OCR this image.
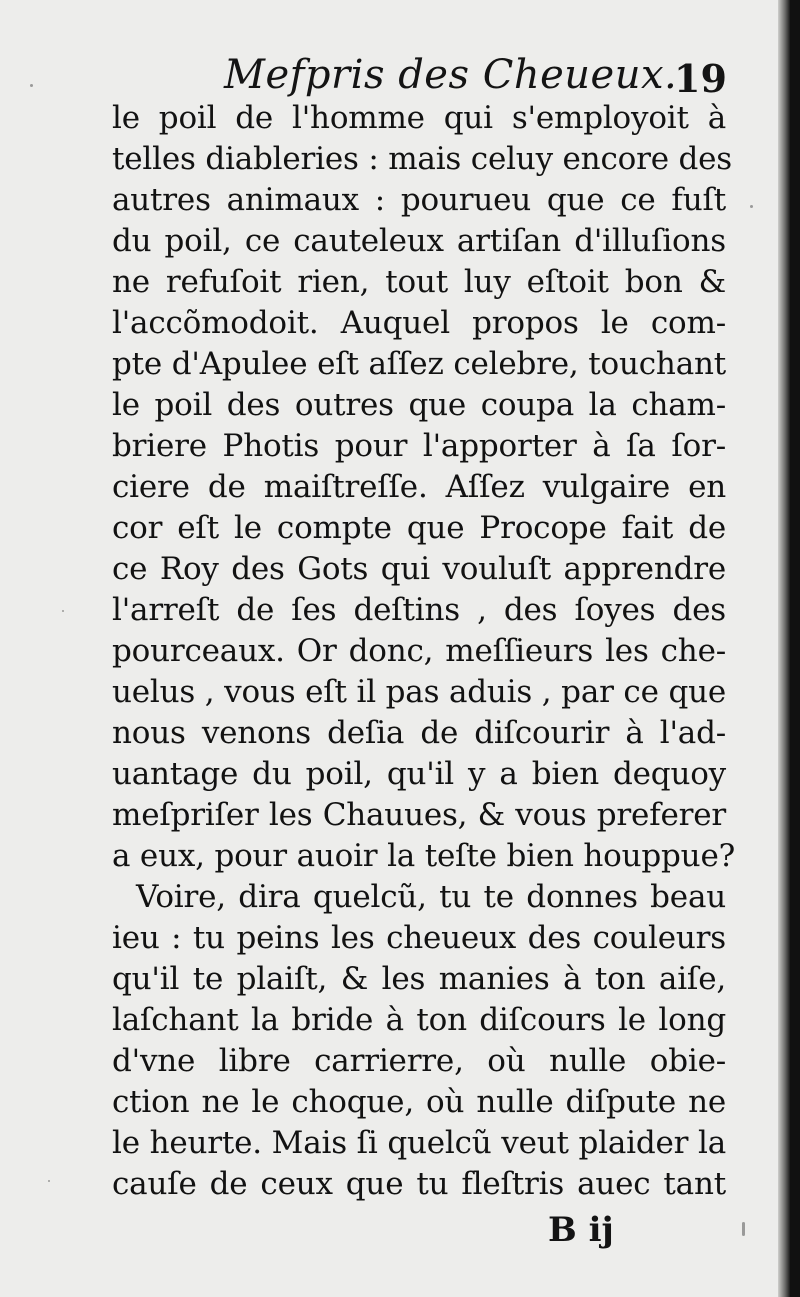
Mefpris des Cheueux.
19
le poil de l'homme qui s'employoit à
telles diableries : mais celuy encore des
autres animaux : pourueu que ce fuſt
du poil, ce cauteleux artiſan d'illuſions
ne refuſoit rien, tout luy eſtoit bon &
l'accõmodoit. Auquel propos le com-
pte d'Apulee eſt aſſez celebre, touchant
le poil des outres que coupa la cham-
briere Photis pour l'apporter à ſa ſor-
ciere de maiſtreſſe. Aſſez vulgaire en
cor eſt le compte que Procope fait de
ce Roy des Gots qui vouluſt apprendre
l'arreſt de ſes deſtins , des ſoyes des
pourceaux. Or donc, meſſieurs les che-
uelus , vous eſt il pas aduis , par ce que
nous venons deſia de diſcourir à l'ad-
uantage du poil, qu'il y a bien dequoy
meſpriſer les Chauues, & vous preferer
a eux, pour auoir la teſte bien houppue?
Voire, dira quelcũ, tu te donnes beau
ieu : tu peins les cheueux des couleurs
qu'il te plaiſt, & les manies à ton aiſe,
laſchant la bride à ton diſcours le long
d'vne libre carrierre, où nulle obie-
ction ne le choque, où nulle diſpute ne
le heurte. Mais ſi quelcũ veut plaider la
cauſe de ceux que tu fleſtris auec tant
B ij
